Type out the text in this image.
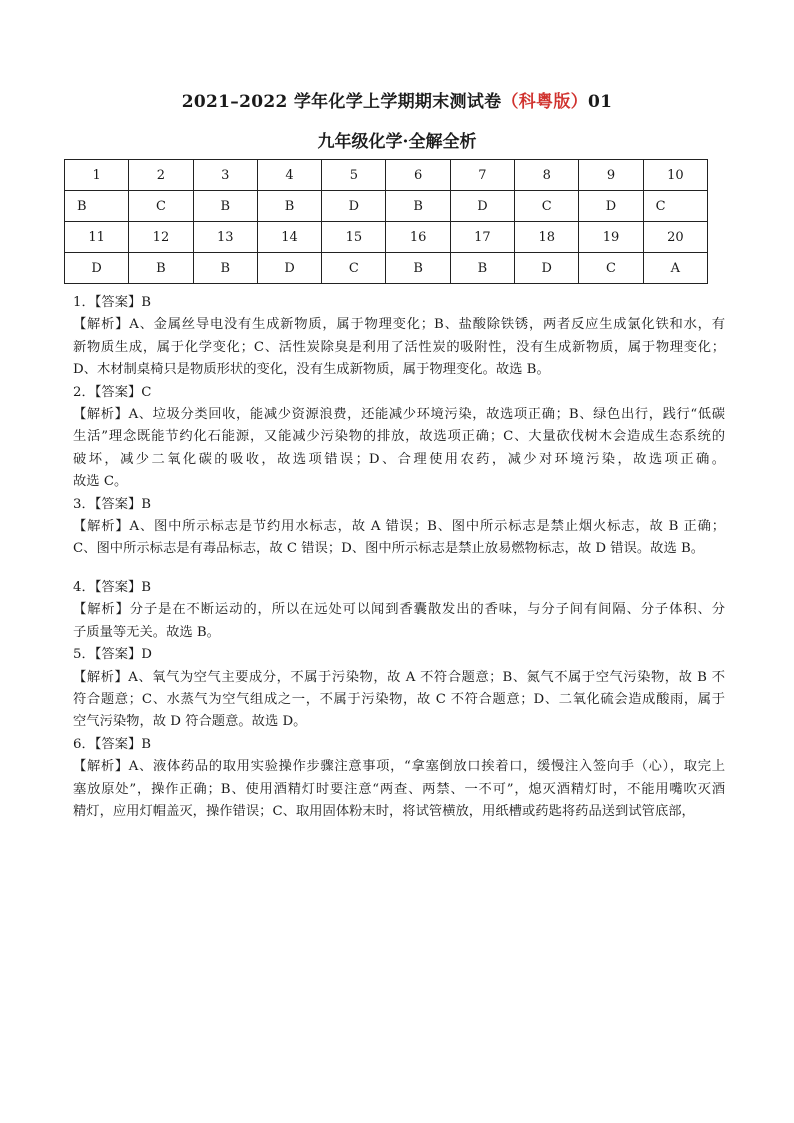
2021–2022 学年化学上学期期末测试卷（科粤版）01
九年级化学·全解全析
1	2	3	4	5	6	7	8	9	10
B	C	B	B	D	B	D	C	D	C
11	12	13	14	15	16	17	18	19	20
D	B	B	D	C	B	B	D	C	A

1．【答案】B

【解析】A、金属丝导电没有生成新物质，属于物理变化；B、盐酸除铁锈，两者反应生成氯化铁和水，有

新物质生成，属于化学变化；C、活性炭除臭是利用了活性炭的吸附性，没有生成新物质，属于物理变化；

D、木材制桌椅只是物质形状的变化，没有生成新物质，属于物理变化。故选 B。

2．【答案】C

【解析】A、垃圾分类回收，能减少资源浪费，还能减少环境污染，故选项正确；B、绿色出行，践行“低碳

生活”理念既能节约化石能源，又能减少污染物的排放，故选项正确；C、大量砍伐树木会造成生态系统的

破坏，减少二氧化碳的吸收，故选项错误；D、合理使用农药，减少对环境污染，故选项正确。

故选 C。

3．【答案】B

【解析】A、图中所示标志是节约用水标志，故 A 错误；B、图中所示标志是禁止烟火标志，故 B 正确；

C、图中所示标志是有毒品标志，故 C 错误；D、图中所示标志是禁止放易燃物标志，故 D 错误。故选 B。

4．【答案】B

【解析】分子是在不断运动的，所以在远处可以闻到香囊散发出的香味，与分子间有间隔、分子体积、分

子质量等无关。故选 B。

5．【答案】D

【解析】A、氧气为空气主要成分，不属于污染物，故 A 不符合题意；B、氮气不属于空气污染物，故 B 不

符合题意；C、水蒸气为空气组成之一，不属于污染物，故 C 不符合题意；D、二氧化硫会造成酸雨，属于

空气污染物，故 D 符合题意。故选 D。

6．【答案】B

【解析】A、液体药品的取用实验操作步骤注意事项，“拿塞倒放口挨着口，缓慢注入签向手（心），取完上

塞放原处”，操作正确；B、使用酒精灯时要注意“两查、两禁、一不可”，熄灭酒精灯时，不能用嘴吹灭酒

精灯，应用灯帽盖灭，操作错误；C、取用固体粉末时，将试管横放，用纸槽或药匙将药品送到试管底部，
